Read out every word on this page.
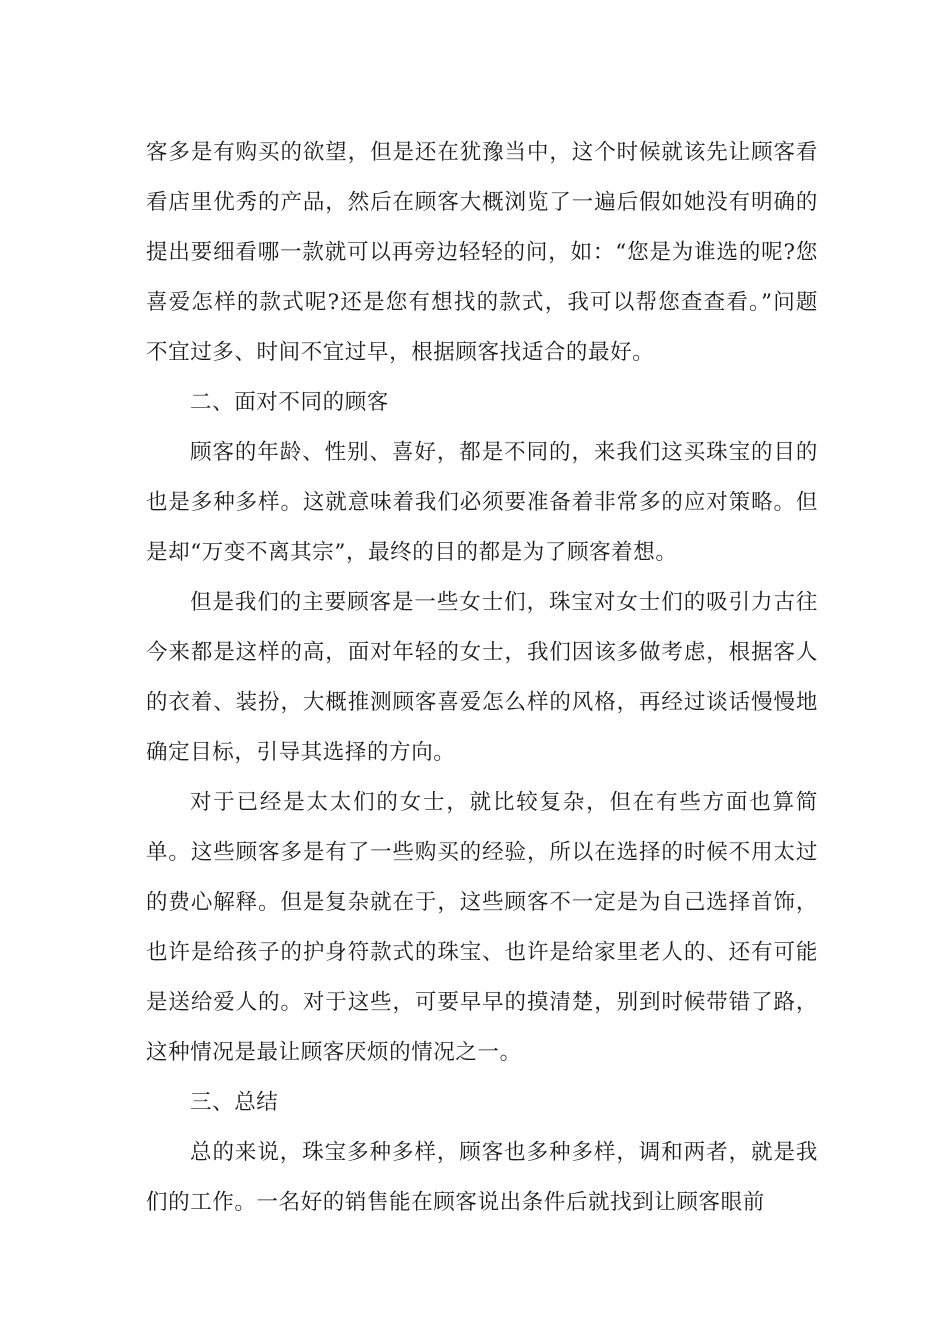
客多是有购买的欲望，但是还在犹豫当中，这个时候就该先让顾客看看店里优秀的产品，然后在顾客大概浏览了一遍后假如她没有明确的提出要细看哪一款就可以再旁边轻轻的问，如：“您是为谁选的呢?您喜爱怎样的款式呢?还是您有想找的款式，我可以帮您查查看。”问题不宜过多、时间不宜过早，根据顾客找适合的最好。

二、面对不同的顾客

顾客的年龄、性别、喜好，都是不同的，来我们这买珠宝的目的也是多种多样。这就意味着我们必须要准备着非常多的应对策略。但是却“万变不离其宗”，最终的目的都是为了顾客着想。

但是我们的主要顾客是一些女士们，珠宝对女士们的吸引力古往今来都是这样的高，面对年轻的女士，我们因该多做考虑，根据客人的衣着、装扮，大概推测顾客喜爱怎么样的风格，再经过谈话慢慢地确定目标，引导其选择的方向。

对于已经是太太们的女士，就比较复杂，但在有些方面也算简单。这些顾客多是有了一些购买的经验，所以在选择的时候不用太过的费心解释。但是复杂就在于，这些顾客不一定是为自己选择首饰，也许是给孩子的护身符款式的珠宝、也许是给家里老人的、还有可能是送给爱人的。对于这些，可要早早的摸清楚，别到时候带错了路，这种情况是最让顾客厌烦的情况之一。

三、总结

总的来说，珠宝多种多样，顾客也多种多样，调和两者，就是我们的工作。一名好的销售能在顾客说出条件后就找到让顾客眼前
